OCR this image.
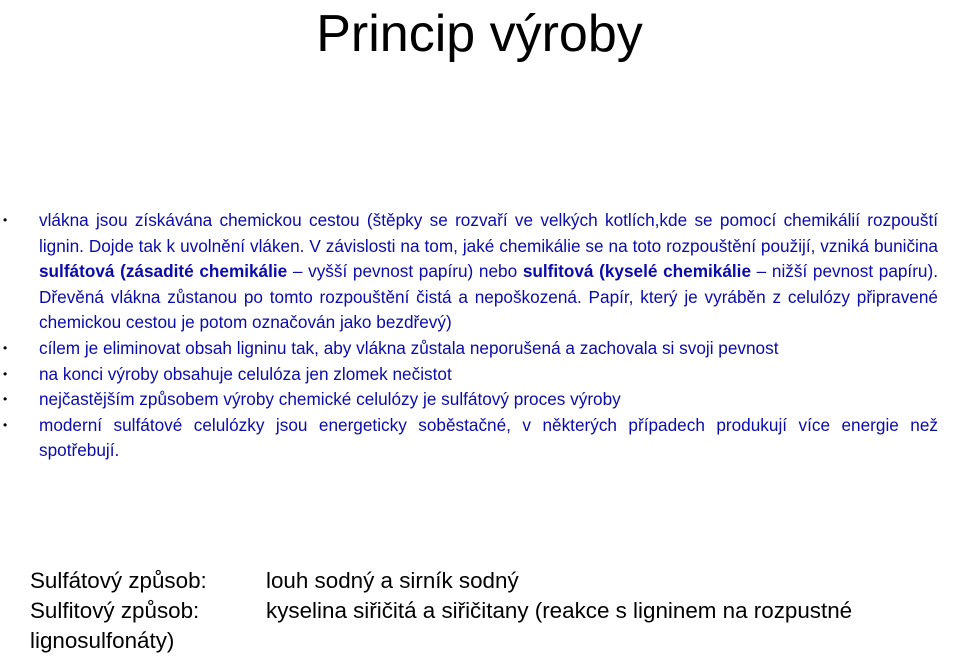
Princip výroby
• vlákna jsou získávána chemickou cestou (štěpky se rozvaří ve velkých kotlích,kde se pomocí chemikálií rozpouští lignin. Dojde tak k uvolnění vláken. V závislosti na tom, jaké chemikálie se na toto rozpouštění použijí, vzniká buničina sulfátová (zásadité chemikálie – vyšší pevnost papíru) nebo sulfitová (kyselé chemikálie – nižší pevnost papíru). Dřevěná vlákna zůstanou po tomto rozpouštění čistá a nepoškozená. Papír, který je vyráběn z celulózy připravené chemickou cestou je potom označován jako bezdřevý)
• cílem je eliminovat obsah ligninu tak, aby vlákna zůstala neporušená a zachovala si svoji pevnost
• na konci výroby obsahuje celulóza jen zlomek nečistot
• nejčastějším způsobem výroby chemické celulózy je sulfátový proces výroby
• moderní sulfátové celulózky jsou energeticky soběstačné, v některých případech produkují více energie než spotřebují.
Sulfátový způsob:	louh sodný a sirník sodný
Sulfitový způsob:	kyselina siřičitá a siřičitany (reakce s ligninem na rozpustné
lignosulfonáty)
